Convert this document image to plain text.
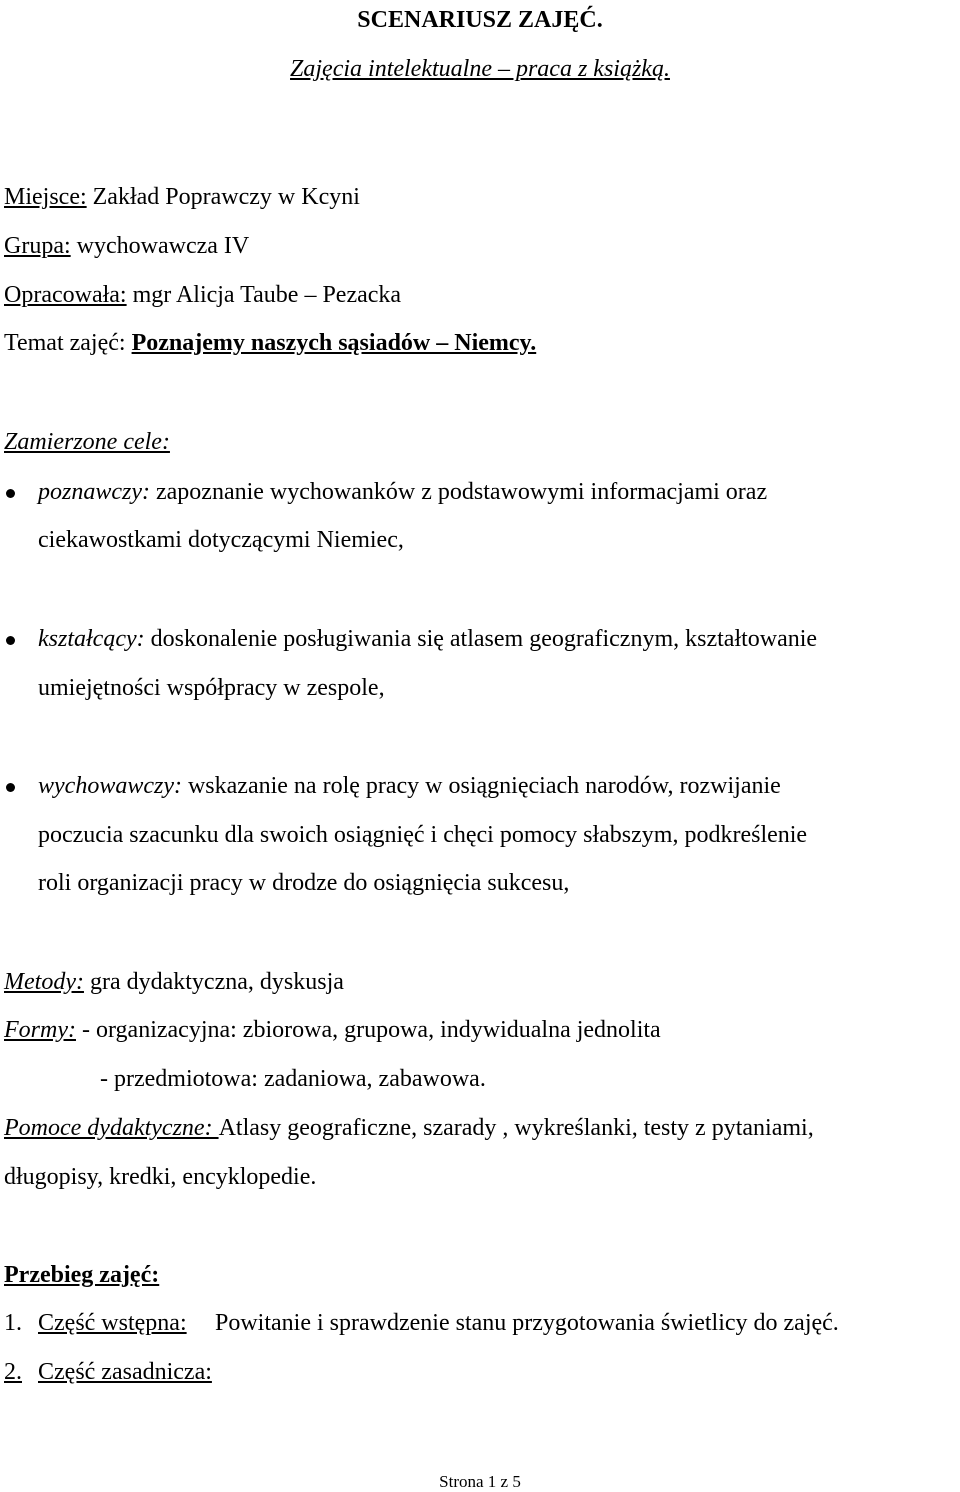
SCENARIUSZ ZAJĘĆ.
Zajęcia intelektualne – praca z książką.
Miejsce: Zakład Poprawczy w Kcyni
Grupa: wychowawcza IV
Opracowała: mgr Alicja Taube – Pezacka
Temat zajęć: Poznajemy naszych sąsiadów – Niemcy.
Zamierzone cele:
poznawczy: zapoznanie wychowanków z podstawowymi informacjami oraz
ciekawostkami dotyczącymi Niemiec,
kształcący: doskonalenie posługiwania się atlasem geograficznym, kształtowanie
umiejętności współpracy w zespole,
wychowawczy: wskazanie na rolę pracy w osiągnięciach narodów, rozwijanie
poczucia szacunku dla swoich osiągnięć i chęci pomocy słabszym, podkreślenie
roli organizacji pracy w drodze do osiągnięcia sukcesu,
Metody: gra dydaktyczna, dyskusja
Formy: - organizacyjna: zbiorowa, grupowa, indywidualna jednolita
- przedmiotowa: zadaniowa, zabawowa.
Pomoce dydaktyczne: Atlasy geograficzne, szarady , wykreślanki, testy z pytaniami,
długopisy, kredki, encyklopedie.
Przebieg zajęć:
1. Część wstępna: Powitanie i sprawdzenie stanu przygotowania świetlicy do zajęć.
2. Część zasadnicza:
Strona 1 z 5
